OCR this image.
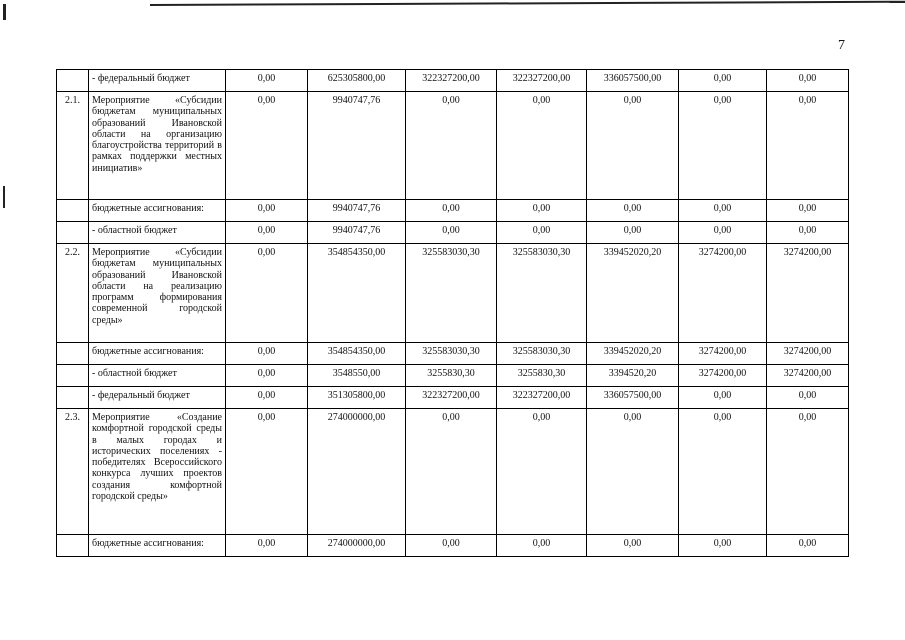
7

	- федеральный бюджет	0,00	625305800,00	322327200,00	322327200,00	336057500,00	0,00	0,00
2.1.	Мероприятие «Субсидии бюджетам муниципальных образований Ивановской области на организацию благоустройства территорий в рамках поддержки местных инициатив»	0,00	9940747,76	0,00	0,00	0,00	0,00	0,00

	бюджетные ассигнования:	0,00	9940747,76	0,00	0,00	0,00	0,00	0,00

	- областной бюджет	0,00	9940747,76	0,00	0,00	0,00	0,00	0,00
2.2.	Мероприятие «Субсидии бюджетам муниципальных образований Ивановской области на реализацию программ формирования современной городской среды»	0,00	354854350,00	325583030,30	325583030,30	339452020,20	3274200,00	3274200,00

	бюджетные ассигнования:	0,00	354854350,00	325583030,30	325583030,30	339452020,20	3274200,00	3274200,00

	- областной бюджет	0,00	3548550,00	3255830,30	3255830,30	3394520,20	3274200,00	3274200,00

	- федеральный бюджет	0,00	351305800,00	322327200,00	322327200,00	336057500,00	0,00	0,00
2.3.	Мероприятие «Создание комфортной городской среды в малых городах и исторических поселениях - победителях Всероссийского конкурса лучших проектов создания комфортной городской среды»	0,00	274000000,00	0,00	0,00	0,00	0,00	0,00

	бюджетные ассигнования:	0,00	274000000,00	0,00	0,00	0,00	0,00	0,00
